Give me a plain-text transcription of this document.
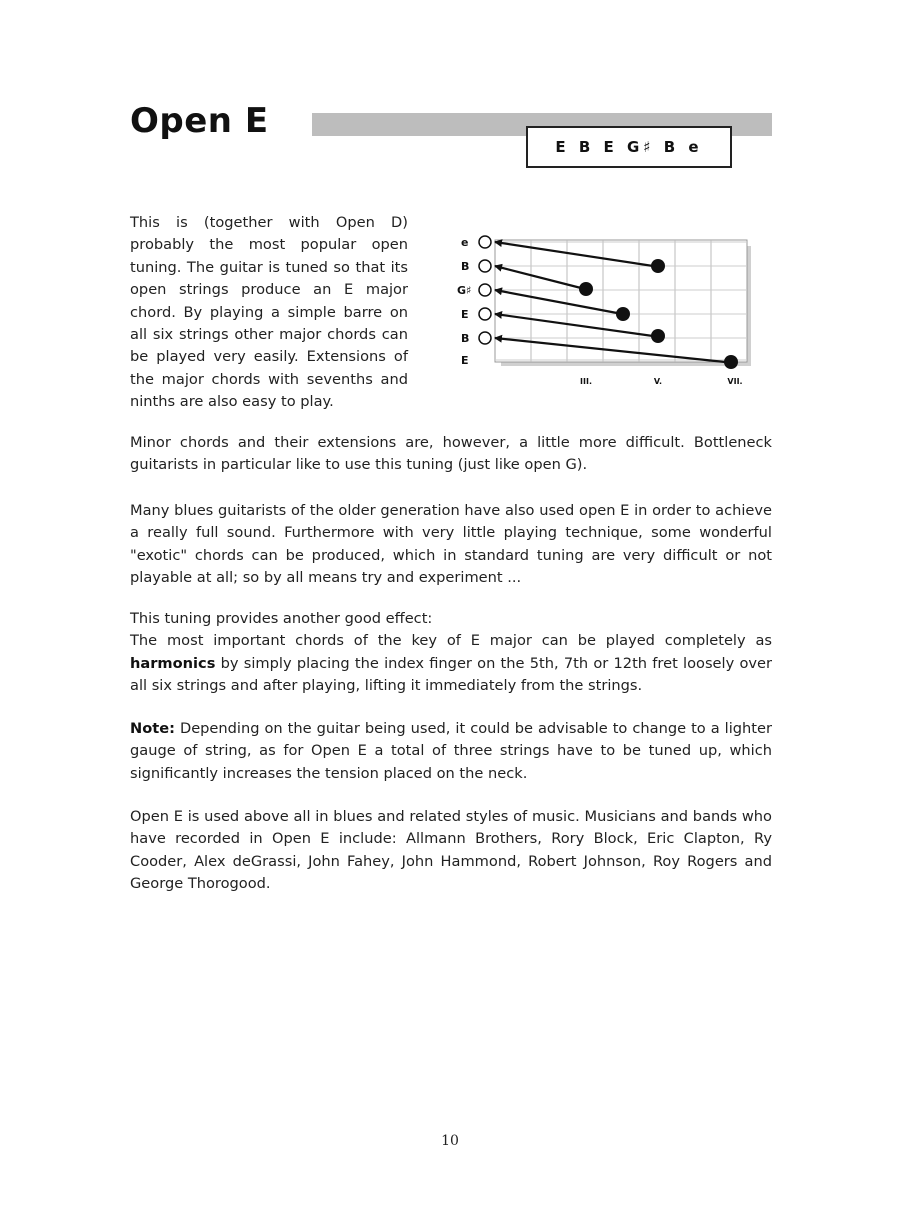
Open E
E B E G♯ B e

This is (together with Open D) probably the most popular open tuning. The guitar is tuned so that its open strings produce an E major chord. By playing a simple barre on all six strings other major chords can be played very easily. Extensions of the major chords with sevenths and ninths are also easy to play.

e
B
G♯
E
B
E
III.	V.	VII.

Minor chords and their extensions are, however, a little more difficult. Bottleneck guitarists in particular like to use this tuning (just like open G).

Many blues guitarists of the older generation have also used open E in order to achieve a really full sound. Furthermore with very little playing technique, some wonderful "exotic" chords can be produced, which in standard tuning are very difficult or not playable at all; so by all means try and experiment ...

This tuning provides another good effect:
The most important chords of the key of E major can be played completely as harmonics by simply placing the index finger on the 5th, 7th or 12th fret loosely over all six strings and after playing, lifting it immediately from the strings.

Note: Depending on the guitar being used, it could be advisable to change to a lighter gauge of string, as for Open E a total of three strings have to be tuned up, which significantly increases the tension placed on the neck.

Open E is used above all in blues and related styles of music. Musicians and bands who have recorded in Open E include: Allmann Brothers, Rory Block, Eric Clapton, Ry Cooder, Alex deGrassi, John Fahey, John Hammond, Robert Johnson, Roy Rogers and George Thorogood.

10
